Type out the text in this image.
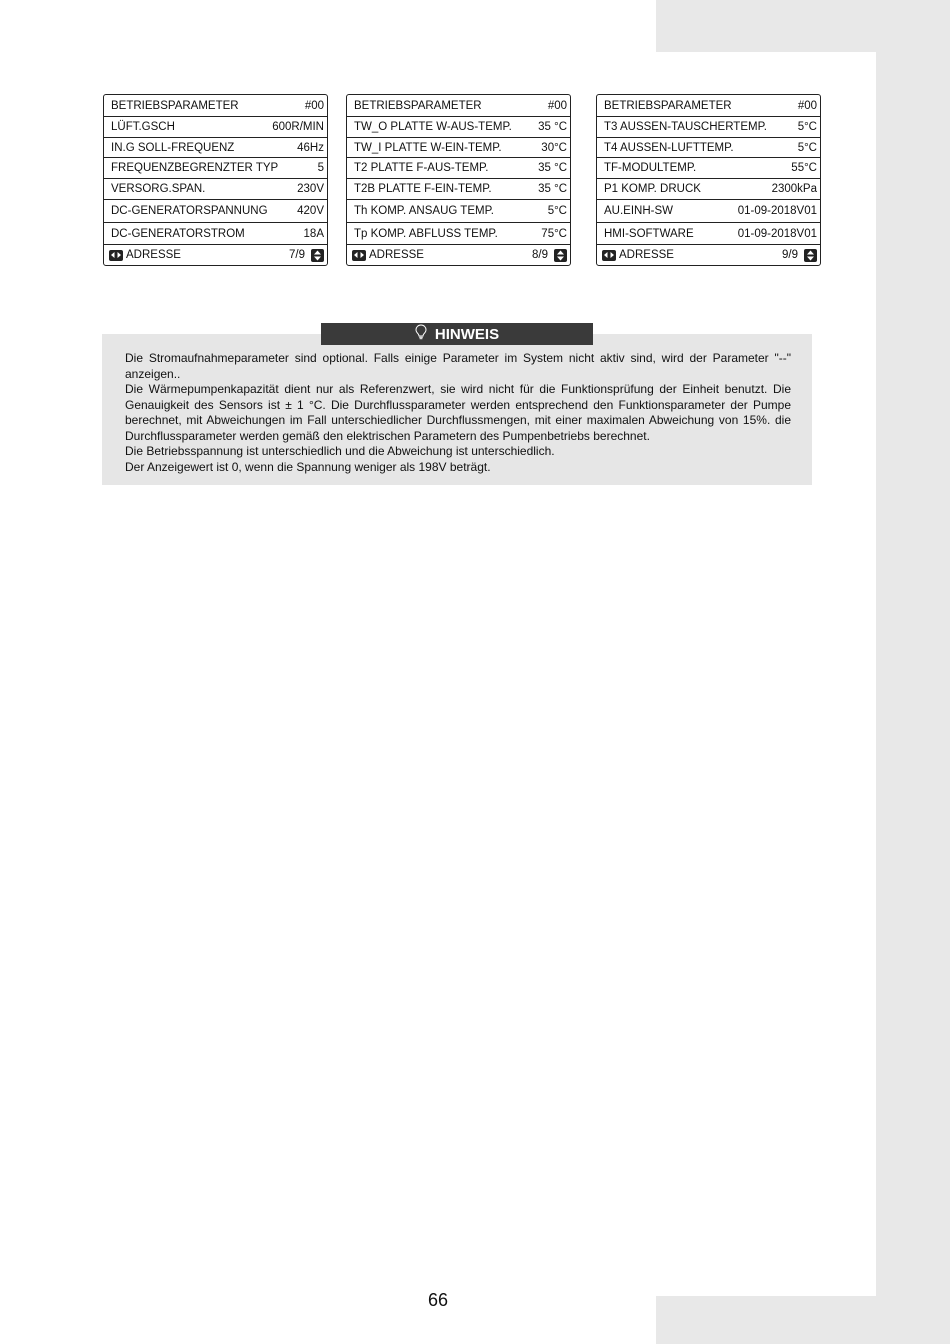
BETRIEBSPARAMETER	#00
LÜFT.GSCH	600R/MIN
IN.G SOLL-FREQUENZ	46Hz
FREQUENZBEGRENZTER TYP	5
VERSORG.SPAN.	230V
DC-GENERATORSPANNUNG	420V
DC-GENERATORSTROM	18A
ADRESSE	7/9
BETRIEBSPARAMETER	#00
TW_O PLATTE W-AUS-TEMP. 35 °C
TW_I PLATTE W-EIN-TEMP.	30°C
T2 PLATTE F-AUS-TEMP.	35 °C
T2B PLATTE F-EIN-TEMP.	35 °C
Th KOMP. ANSAUG TEMP.	5°C
Tp KOMP. ABFLUSS TEMP.	75°C
ADRESSE	8/9
BETRIEBSPARAMETER	#00
T3 AUSSEN-TAUSCHERTEMP.	5°C
T4 AUSSEN-LUFTTEMP.	5°C
TF-MODULTEMP.	55°C
P1 KOMP. DRUCK	2300kPa
AU.EINH-SW	01-09-2018V01
HMI-SOFTWARE	01-09-2018V01
ADRESSE	9/9
HINWEIS

Die Stromaufnahmeparameter sind optional. Falls einige Parameter im System nicht aktiv sind, wird der Parameter "--" anzeigen..

Die Wärmepumpenkapazität dient nur als Referenzwert, sie wird nicht für die Funktionsprüfung der Einheit benutzt. Die Genauigkeit des Sensors ist ± 1 °C. Die Durchflussparameter werden entsprechend den Funktionsparameter der Pumpe berechnet, mit Abweichungen im Fall unterschiedlicher Durchflussmengen, mit einer maximalen Abweichung von 15%. die Durchflussparameter werden gemäß den elektrischen Parametern des Pumpenbetriebs berechnet.

Die Betriebsspannung ist unterschiedlich und die Abweichung ist unterschiedlich.

Der Anzeigewert ist 0, wenn die Spannung weniger als 198V beträgt.

66
